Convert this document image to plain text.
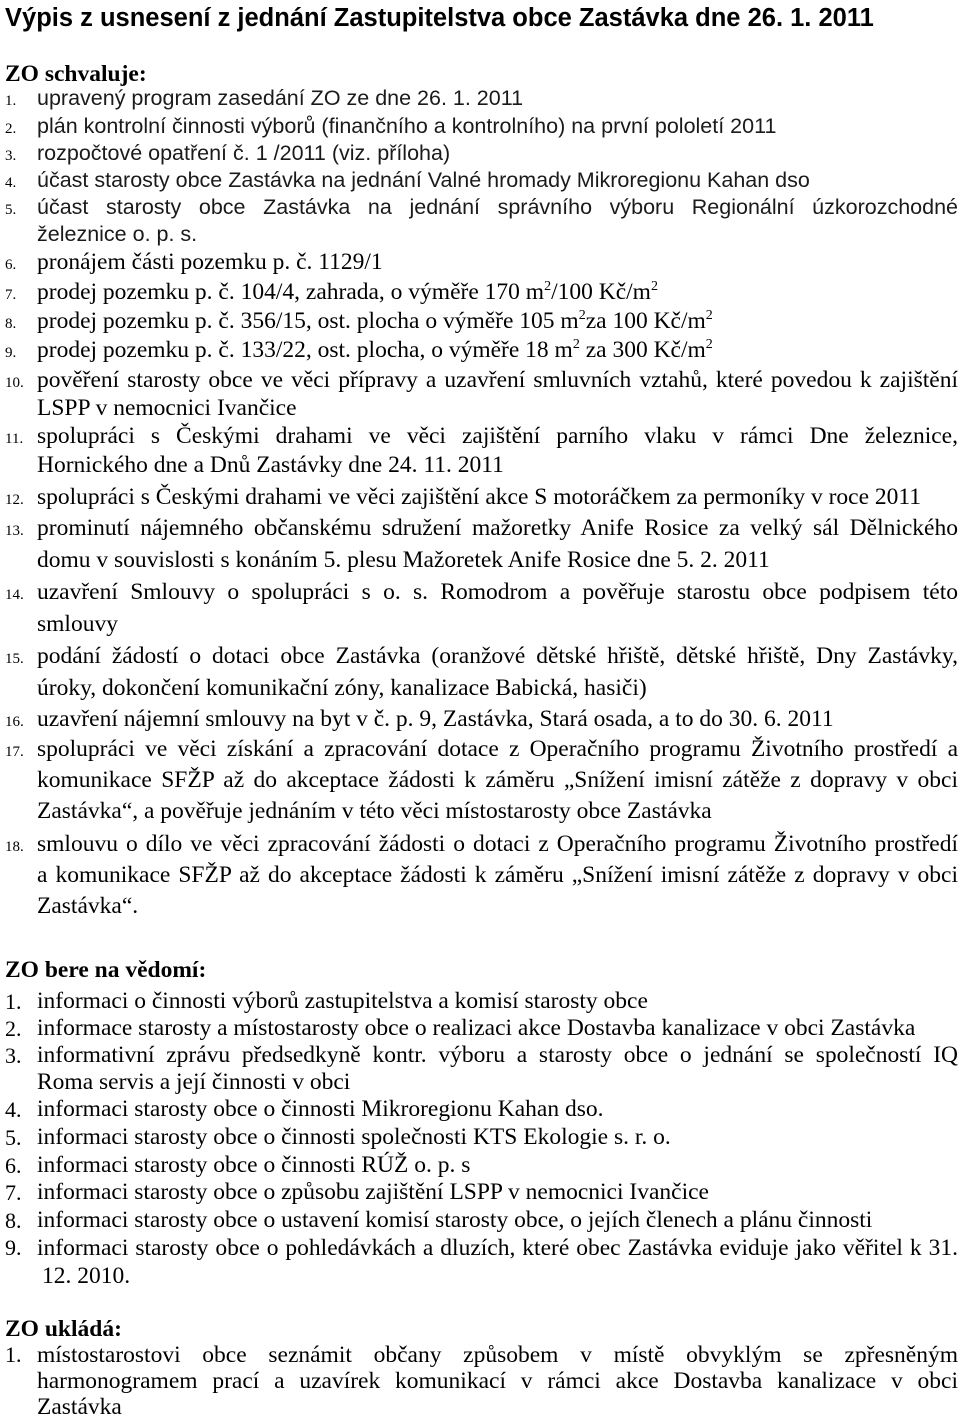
Výpis z usnesení z jednání Zastupitelstva obce Zastávka dne 26. 1. 2011
ZO schvaluje:
1. upravený program zasedání ZO ze dne 26. 1. 2011
2. plán kontrolní činnosti výborů (finančního a kontrolního) na první pololetí 2011
3. rozpočtové opatření č. 1 /2011 (viz. příloha)
4. účast starosty obce Zastávka na jednání Valné hromady Mikroregionu Kahan dso
5. účast starosty obce Zastávka na jednání správního výboru Regionální úzkorozchodné
železnice o. p. s.
6. pronájem části pozemku p. č. 1129/1
7. prodej pozemku p. č. 104/4, zahrada, o výměře 170 $m^2/100$ $Kč/m^2$
8. prodej pozemku p. č. 356/15, ost. plocha o výměře 105 $m^2za$ 100 $Kč/m^2$
9. prodej pozemku p. č. 133/22, ost. plocha, o výměře 18 $m^2$ za 300 $Kč/m^2$
10. pověření starosty obce ve věci přípravy a uzavření smluvních vztahů, které povedou k zajištění
LSPP v nemocnici Ivančice
11. spolupráci s Českými drahami ve věci zajištění parního vlaku v rámci Dne železnice,
Hornického dne a Dnů Zastávky dne 24. 11. 2011
12. spolupráci s Českými drahami ve věci zajištění akce S motoráčkem za permoníky v roce 2011
13. prominutí nájemného občanskému sdružení mažoretky Anife Rosice za velký sál Dělnického
domu v souvislosti s konáním 5. plesu Mažoretek Anife Rosice dne 5. 2. 2011
14. uzavření Smlouvy o spolupráci s o. s. Romodrom a pověřuje starostu obce podpisem této
smlouvy
15. podání žádostí o dotaci obce Zastávka (oranžové dětské hřiště, dětské hřiště, Dny Zastávky,
úroky, dokončení komunikační zóny, kanalizace Babická, hasiči)
16. uzavření nájemní smlouvy na byt v č. p. 9, Zastávka, Stará osada, a to do 30. 6. 2011
17. spolupráci ve věci získání a zpracování dotace z Operačního programu Životního prostředí a
komunikace SFŽP až do akceptace žádosti k záměru „Snížení imisní zátěže z dopravy v obci
Zastávka“, a pověřuje jednáním v této věci místostarosty obce Zastávka
18. smlouvu o dílo ve věci zpracování žádosti o dotaci z Operačního programu Životního prostředí
a komunikace SFŽP až do akceptace žádosti k záměru „Snížení imisní zátěže z dopravy v obci
Zastávka“.
ZO bere na vědomí:
1. informaci o činnosti výborů zastupitelstva a komisí starosty obce
2. informace starosty a místostarosty obce o realizaci akce Dostavba kanalizace v obci Zastávka
3. informativní zprávu předsedkyně kontr. výboru a starosty obce o jednání se společností IQ
Roma servis a její činnosti v obci
4. informaci starosty obce o činnosti Mikroregionu Kahan dso.
5. informaci starosty obce o činnosti společnosti KTS Ekologie s. r. o.
6. informaci starosty obce o činnosti RÚŽ o. p. s
7. informaci starosty obce o způsobu zajištění LSPP v nemocnici Ivančice
8. informaci starosty obce o ustavení komisí starosty obce, o jejích členech a plánu činnosti
9. informaci starosty obce o pohledávkách a dluzích, které obec Zastávka eviduje jako věřitel k 31.
12. 2010.
ZO ukládá:
1. místostarostovi obce seznámit občany způsobem v místě obvyklým se zpřesněným
harmonogramem prací a uzavírek komunikací v rámci akce Dostavba kanalizace v obci
Zastávka
